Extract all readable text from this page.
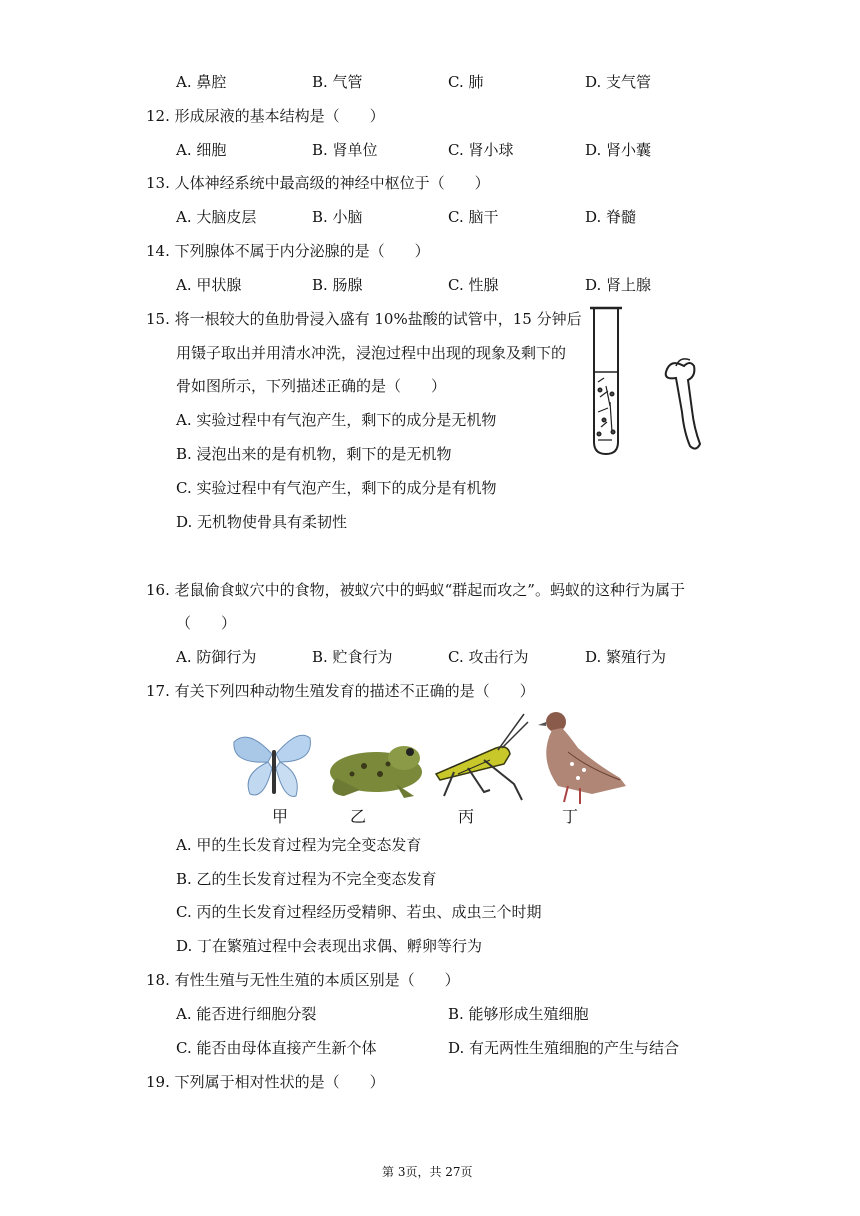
A. 鼻腔	B. 气管	C. 肺	D. 支气管
12. 形成尿液的基本结构是（　　）
A. 细胞	B. 肾单位	C. 肾小球	D. 肾小囊
13. 人体神经系统中最高级的神经中枢位于（　　）
A. 大脑皮层	B. 小脑	C. 脑干	D. 脊髓
14. 下列腺体不属于内分泌腺的是（　　）
A. 甲状腺	B. 肠腺	C. 性腺	D. 肾上腺
15. 将一根较大的鱼肋骨浸入盛有 10%盐酸的试管中，15 分钟后
用镊子取出并用清水冲洗，浸泡过程中出现的现象及剩下的
骨如图所示，下列描述正确的是（　　）
A. 实验过程中有气泡产生，剩下的成分是无机物
B. 浸泡出来的是有机物，剩下的是无机物
C. 实验过程中有气泡产生，剩下的成分是有机物
D. 无机物使骨具有柔韧性
16. 老鼠偷食蚁穴中的食物，被蚁穴中的蚂蚁“群起而攻之”。蚂蚁的这种行为属于
（　　）
A. 防御行为	B. 贮食行为	C. 攻击行为	D. 繁殖行为
17. 有关下列四种动物生殖发育的描述不正确的是（　　）
甲	乙	丙	丁
A. 甲的生长发育过程为完全变态发育
B. 乙的生长发育过程为不完全变态发育
C. 丙的生长发育过程经历受精卵、若虫、成虫三个时期
D. 丁在繁殖过程中会表现出求偶、孵卵等行为
18. 有性生殖与无性生殖的本质区别是（　　）
A. 能否进行细胞分裂	B. 能够形成生殖细胞
C. 能否由母体直接产生新个体	D. 有无两性生殖细胞的产生与结合
19. 下列属于相对性状的是（　　）
第 3页，共 27页
